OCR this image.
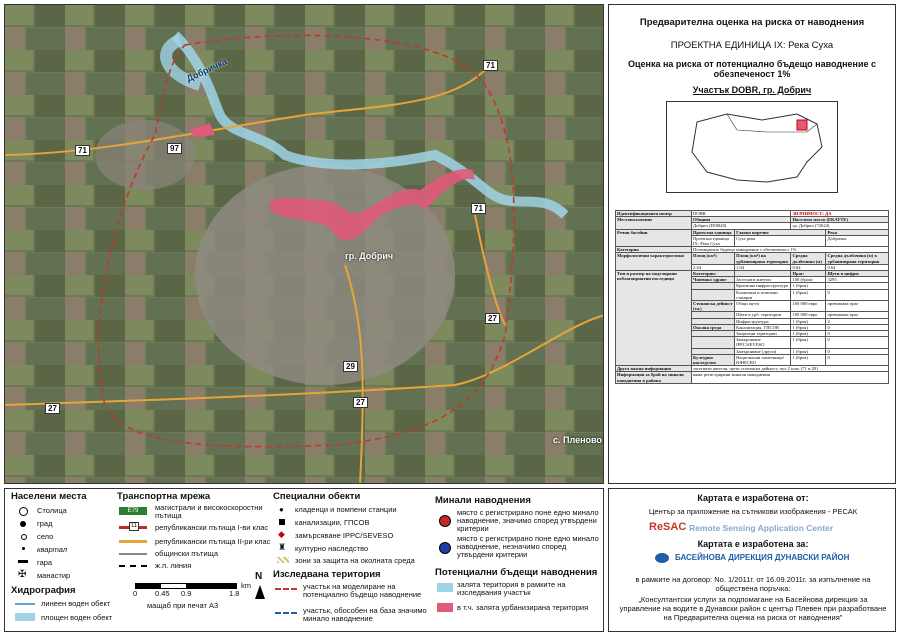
71
71
97
71
27
29
27
27
Добричка
гр. Добрич
с. Пленово
Предварителна оценка на риска от наводнения
ПРОЕКТНА ЕДИНИЦА IX: Река Суха
Оценка на риска от потенциално бъдещо наводнение с обезпеченост 1%
Участък DOBR, гр. Добрич
Идентификационен номер	DOBR		ЗНАЧИМОСТ: ДА	
Местоположение	Община		Населено място (ЕКАТТЕ)	
	Добрич (DOB28)		гр. Добрич (72624)	
Речни басейни	Проектна единица	Главно поречие		Река
	Проектна единица IX: Река Суха	Суха река		Добричка
Категория	Потенциално бъдещо наводнение с обезпеченост 1%			
Морфологични характеристики	Площ (км²)	Площ (км²) на урбанизирана територия	Средна дълбочина (м)	Средна дълбочина (м) в урбанизирана територия
	2.44	1.04	0.64	0.64
Тип и размер на моделирани неблагоприятни последици	Категория:		Праг:	Щети в цифри:
	Човешко здраве	Засегнати жители	100 (броя)	3295
		Критична инфраструктура	1 (броя)	-
		Клинични и помпени станции	1 (броя)	0
	Стопанска дейност (ха.)	Общи щети	100 000 евро	превишава праг
		Щети в урб. територии	100 000 евро	превишава праг
		Инфраструктура	1 (броя)	2
	Околна среда	Канализация, ГПСОВ	1 (броя)	0
		Защитени територии	1 (броя)	0
		Замърсяване IPPC/SEVESO	1 (броя)	0
		Замърсяване (други)	1 (броя)	0
	Културно наследство	Национални паметници/ЮНЕСКО	1 (броя)	0
Друга важна информация	засегнати жители, щети стопанска дейност; път 2 клас (71 и 29)			
Информация за брой на минали наводнения в района	няма регистрирани минали наводнения			
Населени места
Столица
град
село
квартал
гара
✠ манастир
Хидрография
линеен воден обект
площен воден обект
Транспортна мрежа
E79	магистрали и високоскоростни пътища
11 републикански пътища I-ви клас
републикански пътища II-ри клас
общински пътища
ж.п. линия
0 0.45 0.9	1.8
km
мащаб при печат А3
N
Специални обекти
● кладенци и помпени станции
канализации, ГПСОВ
◆ замърсяване IPPC/SEVESO
♜ културно наследство
зони за защита на околната среда
Изследвана територия
участък на моделиране на потенциално бъдещо наводнение
участък, обособен на база значимо минало наводнение
Минали наводнения
място с регистрирано поне едно минало наводнение, значимо според утвърдени критерии
място с регистрирано поне едно минало наводнение, незначимо според утвърдени критерии
Потенциални бъдещи наводнения
залята територия в рамките на изследвания участък
в т.ч. залята урбанизирана територия
Картата е изработена от:
Център за приложение на сътникови изображения - РЕСАК
ReSAC Remote Sensing Application Center
Картата е изработена за:
БАСЕЙНОВА ДИРЕКЦИЯ ДУНАВСКИ РАЙОН
в рамките на договор: No. 1/2011г. от 16.09.2011г. за изпълнение на обществена поръчка:
„Консултантски услуги за подпомагане на Басейнова дирекция за управление на водите в Дунавски район с център Плевен при разработване на Предварителна оценка на риска от наводнения"
